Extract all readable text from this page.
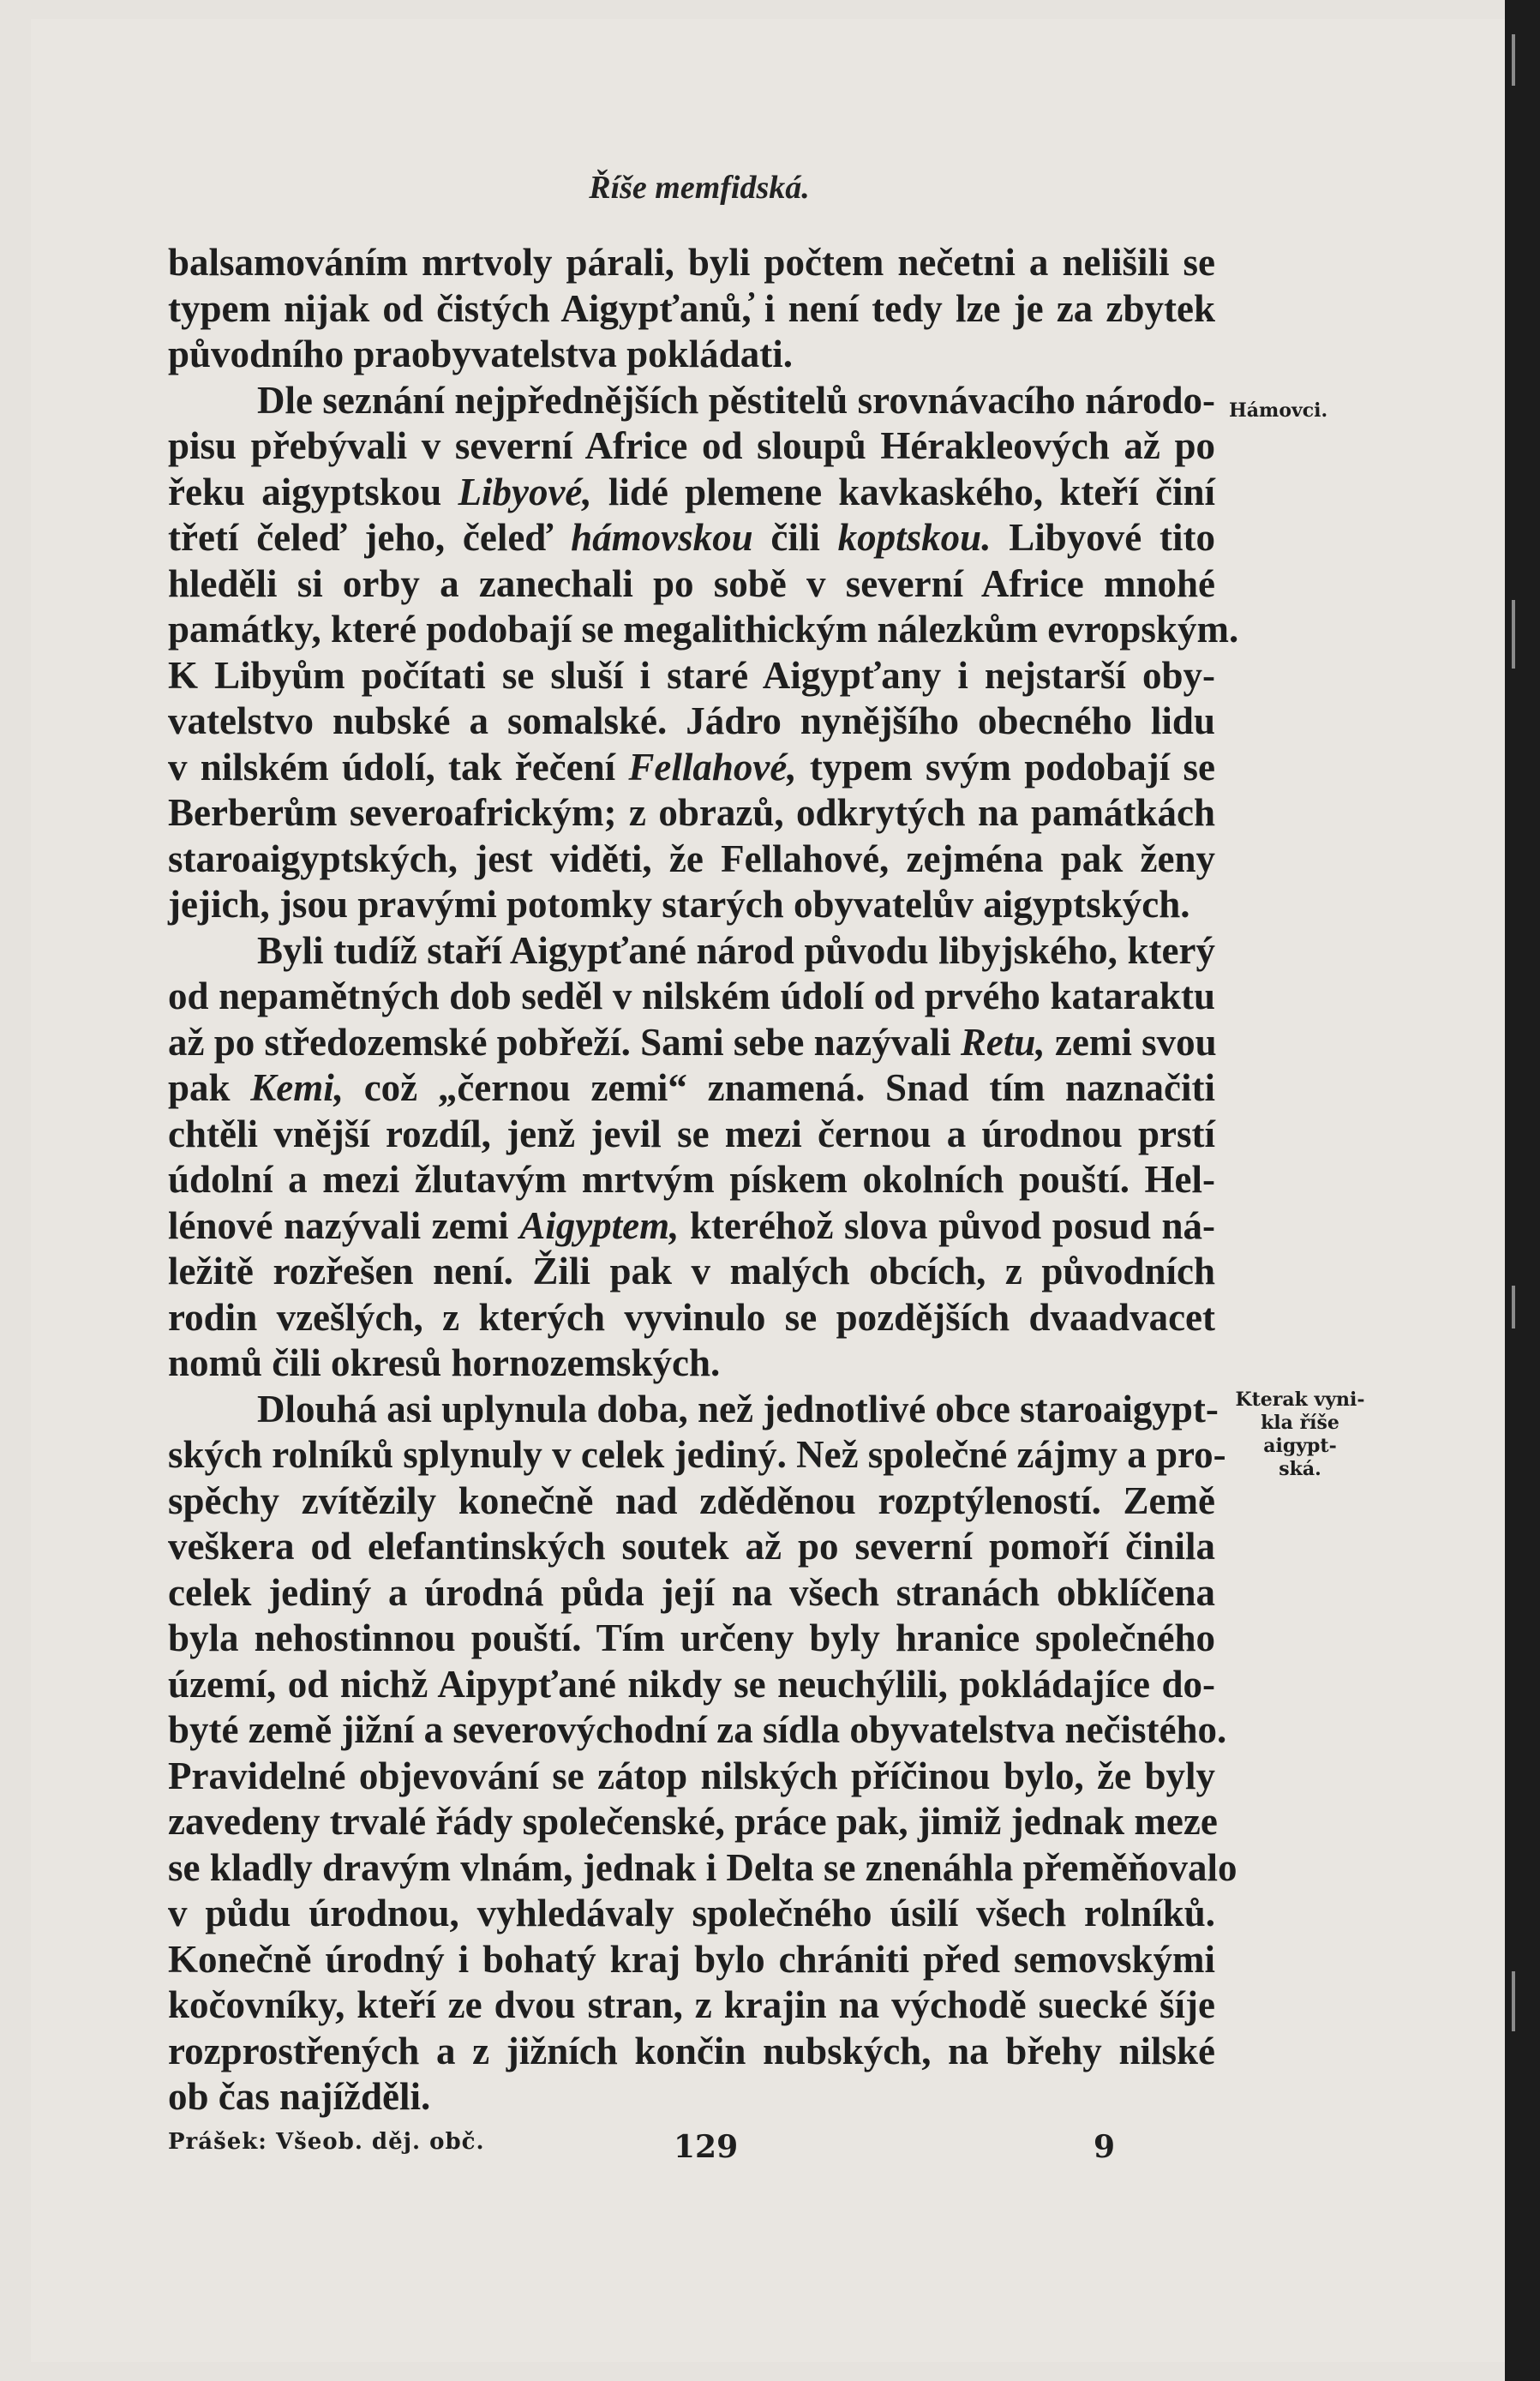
Říše memfidská.
balsamováním mrtvoly párali, byli počtem nečetni a nelišili se
typem nijak od čistých Aigypťanů,̓ i není tedy lze je za zbytek
původního praobyvatelstva pokládati.
Dle seznání nejpřednějších pěstitelů srovnávacího národo-
pisu přebývali v severní Africe od sloupů Hérakleových až po
řeku aigyptskou Libyové, lidé plemene kavkaského, kteří činí
třetí čeleď jeho, čeleď hámovskou čili koptskou. Libyové tito
hleděli si orby a zanechali po sobě v severní Africe mnohé
památky, které podobají se megalithickým nálezkům evropským.
K Libyům počítati se sluší i staré Aigypťany i nejstarší oby-
vatelstvo nubské a somalské. Jádro nynějšího obecného lidu
v nilském údolí, tak řečení Fellahové, typem svým podobají se
Berberům severoafrickým; z obrazů, odkrytých na památkách
staroaigyptských, jest viděti, že Fellahové, zejména pak ženy
jejich, jsou pravými potomky starých obyvatelův aigyptských.
Byli tudíž staří Aigypťané národ původu libyjského, který
od nepamětných dob seděl v nilském údolí od prvého kataraktu
až po středozemské pobřeží. Sami sebe nazývali Retu, zemi svou
pak Kemi, což „černou zemi“ znamená. Snad tím naznačiti
chtěli vnější rozdíl, jenž jevil se mezi černou a úrodnou prstí
údolní a mezi žlutavým mrtvým pískem okolních pouští. Hel-
lénové nazývali zemi Aigyptem, kteréhož slova původ posud ná-
ležitě rozřešen není. Žili pak v malých obcích, z původních
rodin vzešlých, z kterých vyvinulo se pozdějších dvaadvacet
nomů čili okresů hornozemských.
Dlouhá asi uplynula doba, než jednotlivé obce staroaigypt-
ských rolníků splynuly v celek jediný. Než společné zájmy a pro-
spěchy zvítězily konečně nad zděděnou rozptýleností. Země
veškera od elefantinských soutek až po severní pomoří činila
celek jediný a úrodná půda její na všech stranách obklíčena
byla nehostinnou pouští. Tím určeny byly hranice společného
území, od nichž Aipypťané nikdy se neuchýlili, pokládajíce do-
byté země jižní a severovýchodní za sídla obyvatelstva nečistého.
Pravidelné objevování se zátop nilských příčinou bylo, že byly
zavedeny trvalé řády společenské, práce pak, jimiž jednak meze
se kladly dravým vlnám, jednak i Delta se znenáhla přeměňovalo
v půdu úrodnou, vyhledávaly společného úsilí všech rolníků.
Konečně úrodný i bohatý kraj bylo chrániti před semovskými
kočovníky, kteří ze dvou stran, z krajin na východě suecké šíje
rozprostřených a z jižních končin nubských, na břehy nilské
ob čas najížděli.
Hámovci.
Kterak vyni-
kla říše aigypt-
ská.
Prášek: Všeob. děj. obč.	129	9
